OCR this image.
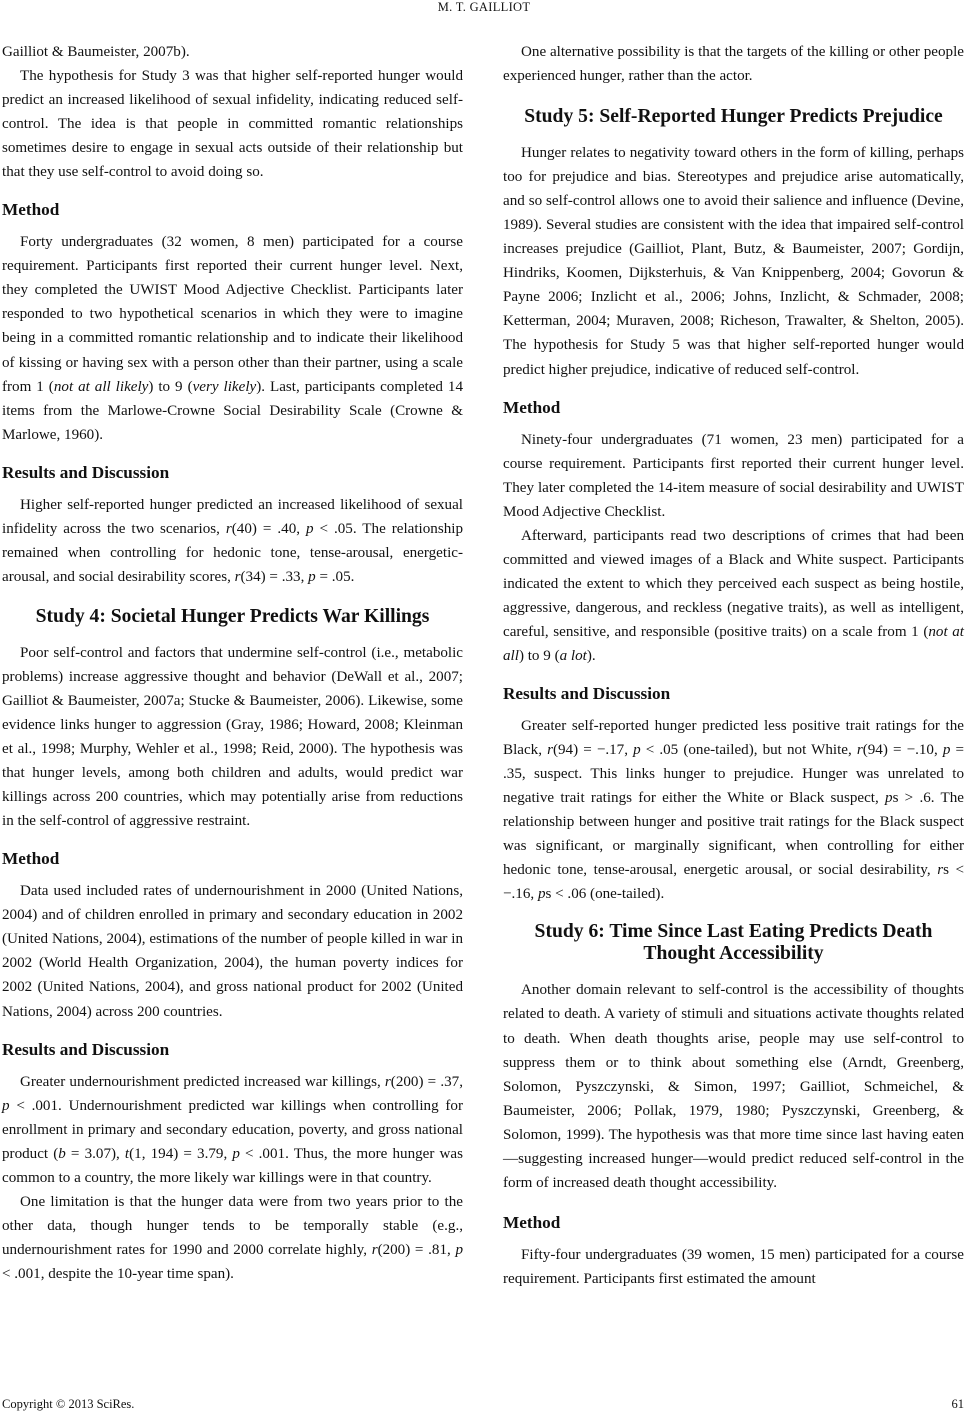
M. T. GAILLIOT

Gailliot & Baumeister, 2007b).

The hypothesis for Study 3 was that higher self-reported hunger would predict an increased likelihood of sexual infidelity, indicating reduced self-control. The idea is that people in committed romantic relationships sometimes desire to engage in sexual acts outside of their relationship but that they use self-control to avoid doing so.

Method

Forty undergraduates (32 women, 8 men) participated for a course requirement. Participants first reported their current hunger level. Next, they completed the UWIST Mood Adjective Checklist. Participants later responded to two hypothetical scenarios in which they were to imagine being in a committed romantic relationship and to indicate their likelihood of kissing or having sex with a person other than their partner, using a scale from 1 (not at all likely) to 9 (very likely). Last, participants completed 14 items from the Marlowe-Crowne Social Desirability Scale (Crowne & Marlowe, 1960).

Results and Discussion

Higher self-reported hunger predicted an increased likelihood of sexual infidelity across the two scenarios, r(40) = .40, p < .05. The relationship remained when controlling for hedonic tone, tense-arousal, energetic-arousal, and social desirability scores, r(34) = .33, p = .05.

Study 4: Societal Hunger Predicts War Killings

Poor self-control and factors that undermine self-control (i.e., metabolic problems) increase aggressive thought and behavior (DeWall et al., 2007; Gailliot & Baumeister, 2007a; Stucke & Baumeister, 2006). Likewise, some evidence links hunger to aggression (Gray, 1986; Howard, 2008; Kleinman et al., 1998; Murphy, Wehler et al., 1998; Reid, 2000). The hypothesis was that hunger levels, among both children and adults, would predict war killings across 200 countries, which may potentially arise from reductions in the self-control of aggressive restraint.

Method

Data used included rates of undernourishment in 2000 (United Nations, 2004) and of children enrolled in primary and secondary education in 2002 (United Nations, 2004), estimations of the number of people killed in war in 2002 (World Health Organization, 2004), the human poverty indices for 2002 (United Nations, 2004), and gross national product for 2002 (United Nations, 2004) across 200 countries.

Results and Discussion

Greater undernourishment predicted increased war killings, r(200) = .37, p < .001. Undernourishment predicted war killings when controlling for enrollment in primary and secondary education, poverty, and gross national product (b = 3.07), t(1, 194) = 3.79, p < .001. Thus, the more hunger was common to a country, the more likely war killings were in that country.

One limitation is that the hunger data were from two years prior to the other data, though hunger tends to be temporally stable (e.g., undernourishment rates for 1990 and 2000 correlate highly, r(200) = .81, p < .001, despite the 10-year time span).

One alternative possibility is that the targets of the killing or other people experienced hunger, rather than the actor.

Study 5: Self-Reported Hunger Predicts Prejudice

Hunger relates to negativity toward others in the form of killing, perhaps too for prejudice and bias. Stereotypes and prejudice arise automatically, and so self-control allows one to avoid their salience and influence (Devine, 1989). Several studies are consistent with the idea that impaired self-control increases prejudice (Gailliot, Plant, Butz, & Baumeister, 2007; Gordijn, Hindriks, Koomen, Dijksterhuis, & Van Knippenberg, 2004; Govorun & Payne 2006; Inzlicht et al., 2006; Johns, Inzlicht, & Schmader, 2008; Ketterman, 2004; Muraven, 2008; Richeson, Trawalter, & Shelton, 2005). The hypothesis for Study 5 was that higher self-reported hunger would predict higher prejudice, indicative of reduced self-control.

Method

Ninety-four undergraduates (71 women, 23 men) participated for a course requirement. Participants first reported their current hunger level. They later completed the 14-item measure of social desirability and UWIST Mood Adjective Checklist.

Afterward, participants read two descriptions of crimes that had been committed and viewed images of a Black and White suspect. Participants indicated the extent to which they perceived each suspect as being hostile, aggressive, dangerous, and reckless (negative traits), as well as intelligent, careful, sensitive, and responsible (positive traits) on a scale from 1 (not at all) to 9 (a lot).

Results and Discussion

Greater self-reported hunger predicted less positive trait ratings for the Black, r(94) = −.17, p < .05 (one-tailed), but not White, r(94) = −.10, p = .35, suspect. This links hunger to prejudice. Hunger was unrelated to negative trait ratings for either the White or Black suspect, ps > .6. The relationship between hunger and positive trait ratings for the Black suspect was significant, or marginally significant, when controlling for either hedonic tone, tense-arousal, energetic arousal, or social desirability, rs < −.16, ps < .06 (one-tailed).

Study 6: Time Since Last Eating Predicts Death Thought Accessibility

Another domain relevant to self-control is the accessibility of thoughts related to death. A variety of stimuli and situations activate thoughts related to death. When death thoughts arise, people may use self-control to suppress them or to think about something else (Arndt, Greenberg, Solomon, Pyszczynski, & Simon, 1997; Gailliot, Schmeichel, & Baumeister, 2006; Pollak, 1979, 1980; Pyszczynski, Greenberg, & Solomon, 1999). The hypothesis was that more time since last having eaten—suggesting increased hunger—would predict reduced self-control in the form of increased death thought accessibility.

Method

Fifty-four undergraduates (39 women, 15 men) participated for a course requirement. Participants first estimated the amount

Copyright © 2013 SciRes.	61
